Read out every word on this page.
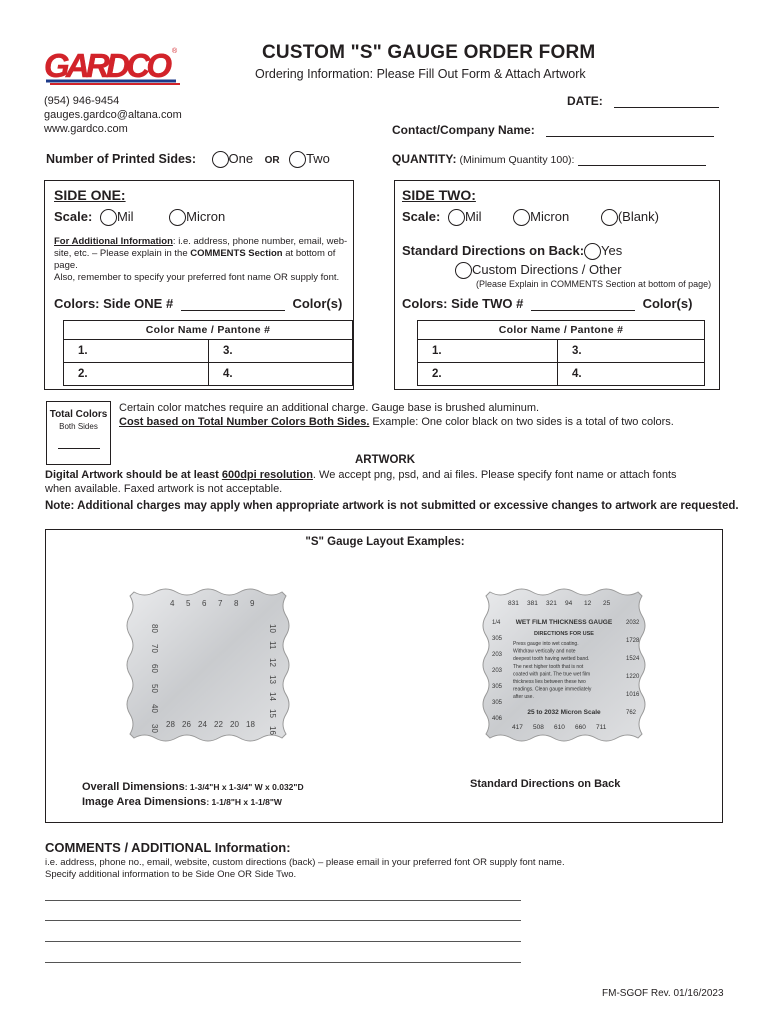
GARDCO ®	CUSTOM "S" GAUGE ORDER FORM
Ordering Information: Please Fill Out Form & Attach Artwork
(954) 946-9454
gauges.gardco@altana.com
www.gardco.com
DATE:
Contact/Company Name:
Number of Printed Sides: One OR Two	QUANTITY: (Minimum Quantity 100):
SIDE ONE:
Scale: Mil	Micron
For Additional Information: i.e. address, phone number, email, web-
site, etc. – Please explain in the COMMENTS Section at bottom of page.
Also, remember to specify your preferred font name OR supply font.
Colors: Side ONE #	Color(s)
Color Name / Pantone #	
1.	3.
2.	4.
SIDE TWO:
Scale: Mil	Micron	(Blank)
Standard Directions on Back: Yes
Custom Directions / Other
(Please Explain in COMMENTS Section at bottom of page)
Colors: Side TWO #	Color(s)
Color Name / Pantone #	
1.	3.
2.	4.
Total Colors
Both Sides
Certain color matches require an additional charge. Gauge base is brushed aluminum.
Cost based on Total Number Colors Both Sides. Example: One color black on two sides is a total of two colors.
ARTWORK
Digital Artwork should be at least 600dpi resolution. We accept png, psd, and ai files. Please specify font name or attach fonts
when available. Faxed artwork is not acceptable.
Note: Additional charges may apply when appropriate artwork is not submitted or excessive changes to artwork are requested.
"S" Gauge Layout Examples:
4 5 6 7 8 9
80
70
60
50
40
30
10
11
12
13
14
15
16
28 26 24 22 20 18
831 381 321 94 12 25
WET FILM THICKNESS GAUGE
DIRECTIONS FOR USE
1/4
305
203
203
305
305
406
2032
1728
1524
1220
1016
762
Press gauge into wet coating.
Withdraw vertically and note
deepest tooth having wetted band.
The next higher tooth that is not
coated with paint. The true wet film
thickness lies between these two
readings. Clean gauge immediately
after use.
25 to 2032 Micron Scale
417 508 610 660 711
Overall Dimensions: 1-3/4"H x 1-3/4" W x 0.032"D
Image Area Dimensions: 1-1/8"H x 1-1/8"W
Standard Directions on Back
COMMENTS / ADDITIONAL Information:
i.e. address, phone no., email, website, custom directions (back) – please email in your preferred font OR supply font name.
Specify additional information to be Side One OR Side Two.
FM-SGOF Rev. 01/16/2023
